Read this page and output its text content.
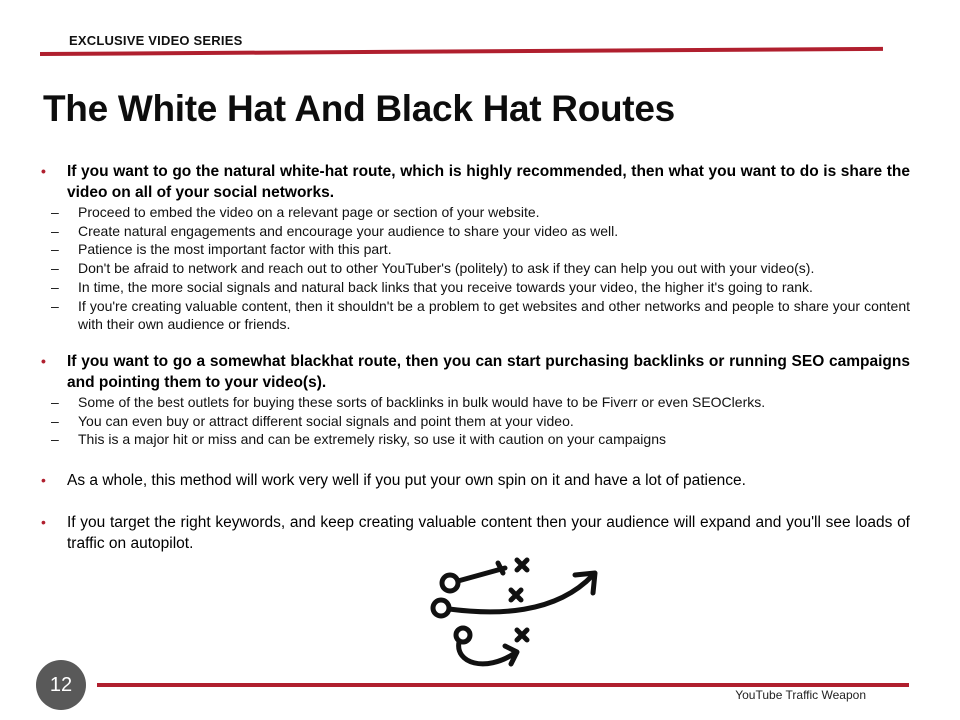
EXCLUSIVE VIDEO SERIES
The White Hat And Black Hat Routes
• If you want to go the natural white-hat route, which is highly recommended, then what you want to do is share the video on all of your social networks.
– Proceed to embed the video on a relevant page or section of your website.
– Create natural engagements and encourage your audience to share your video as well.
– Patience is the most important factor with this part.
– Don't be afraid to network and reach out to other YouTuber's (politely) to ask if they can help you out with your video(s).
– In time, the more social signals and natural back links that you receive towards your video, the higher it's going to rank.
– If you're creating valuable content, then it shouldn't be a problem to get websites and other networks and people to share your content with their own audience or friends.
• If you want to go a somewhat blackhat route, then you can start purchasing backlinks or running SEO campaigns and pointing them to your video(s).
– Some of the best outlets for buying these sorts of backlinks in bulk would have to be Fiverr or even SEOClerks.
– You can even buy or attract different social signals and point them at your video.
– This is a major hit or miss and can be extremely risky, so use it with caution on your campaigns
• As a whole, this method will work very well if you put your own spin on it and have a lot of patience.
• If you target the right keywords, and keep creating valuable content then your audience will expand and you'll see loads of traffic on autopilot.
12	YouTube Traffic Weapon
